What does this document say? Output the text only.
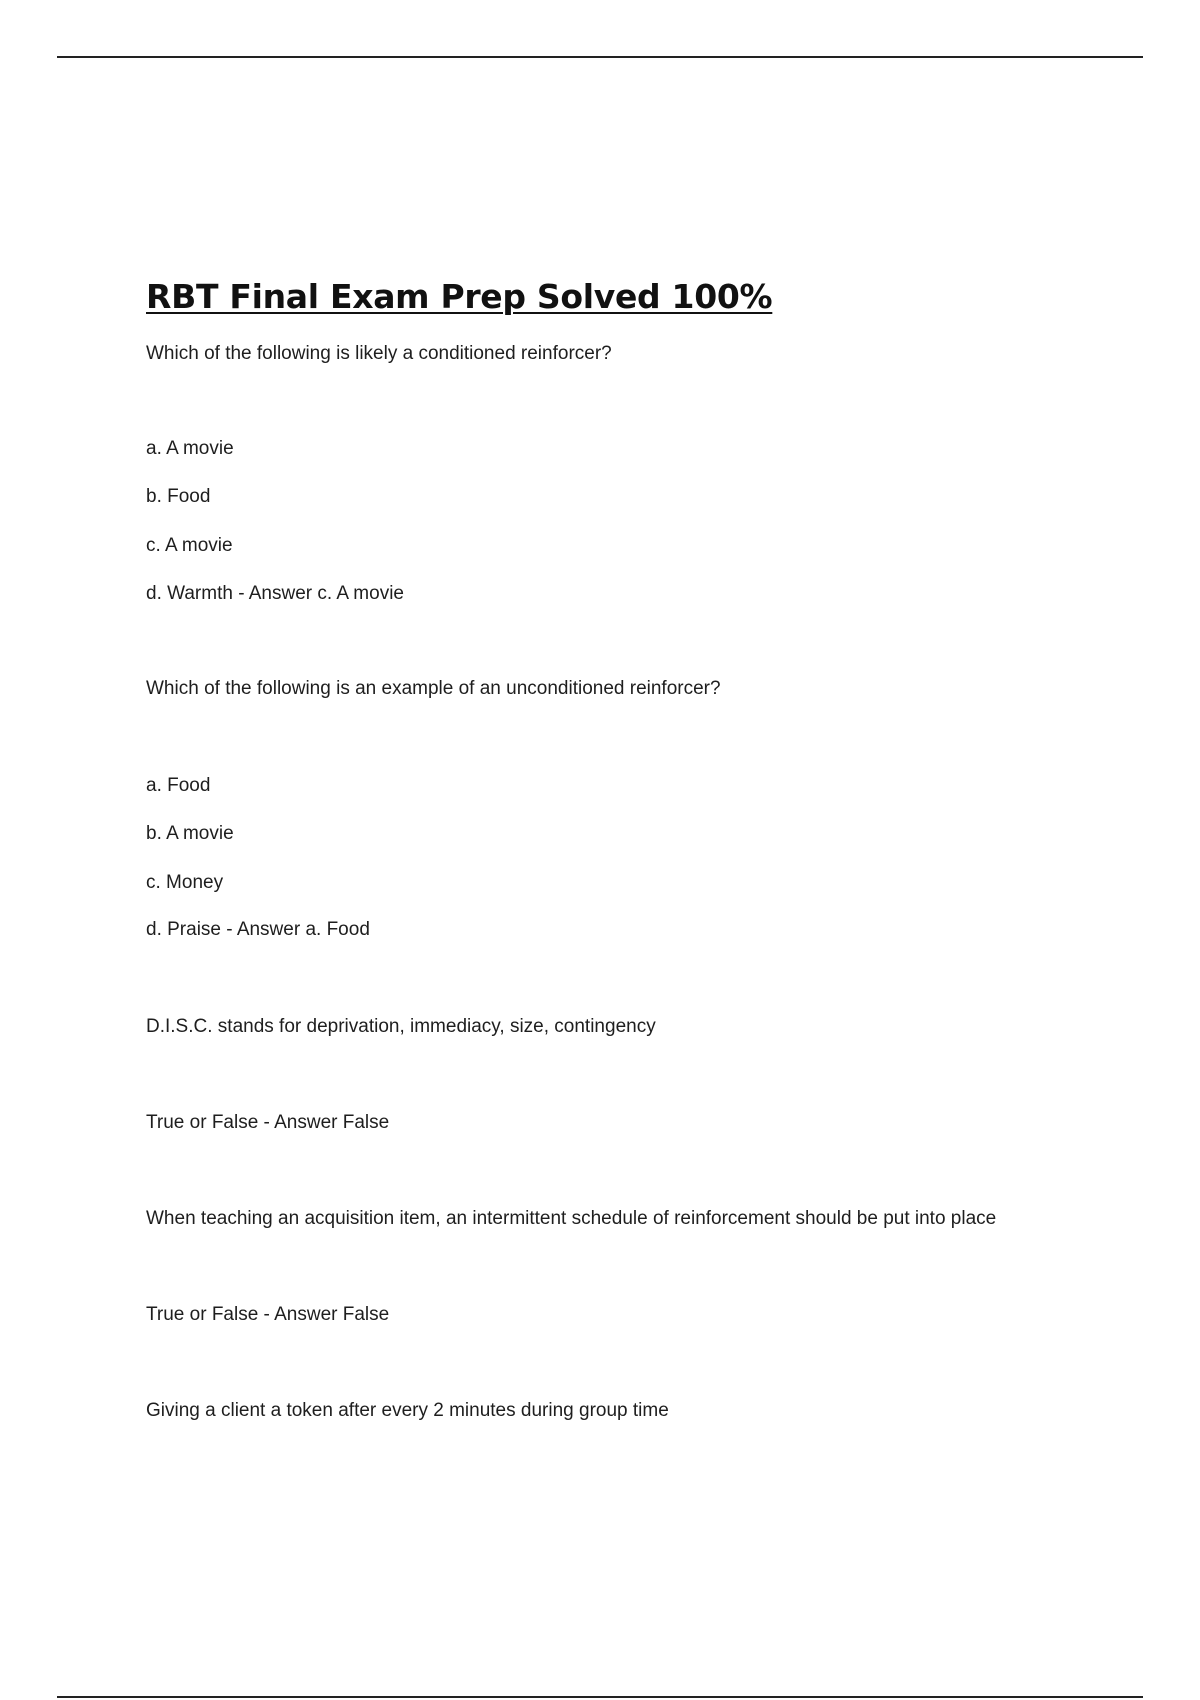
RBT Final Exam Prep Solved 100%

Which of the following is likely a conditioned reinforcer?

a. A movie

b. Food

c. A movie

d. Warmth - Answer c. A movie

Which of the following is an example of an unconditioned reinforcer?

a. Food

b. A movie

c. Money

d. Praise - Answer a. Food

D.I.S.C. stands for deprivation, immediacy, size, contingency

True or False - Answer False

When teaching an acquisition item, an intermittent schedule of reinforcement should be put into place

True or False - Answer False

Giving a client a token after every 2 minutes during group time
